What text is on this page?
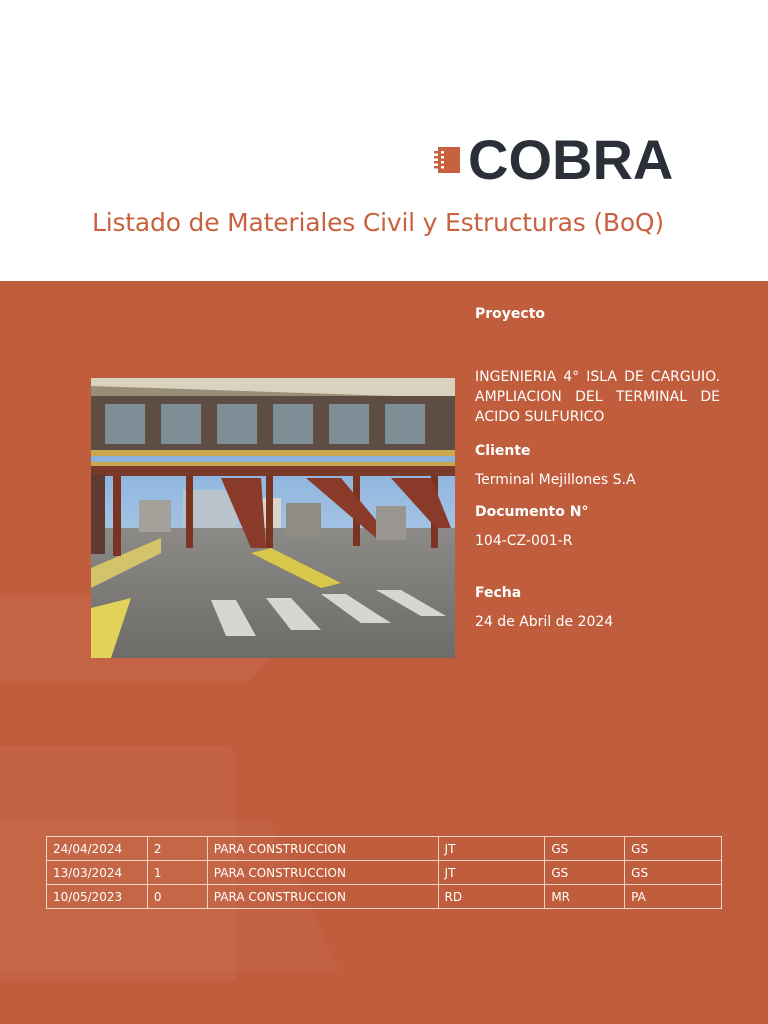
COBRA
Listado de Materiales Civil y Estructuras (BoQ)
Proyecto
INGENIERIA 4° ISLA DE CARGUIO.
AMPLIACION DEL TERMINAL DE
ACIDO SULFURICO
Cliente
Terminal Mejillones S.A
Documento N°
104-CZ-001-R
Fecha
24 de Abril de 2024
24/04/2024	2	PARA CONSTRUCCION	JT	GS	GS
13/03/2024	1	PARA CONSTRUCCION	JT	GS	GS
10/05/2023	0	PARA CONSTRUCCION	RD	MR	PA
